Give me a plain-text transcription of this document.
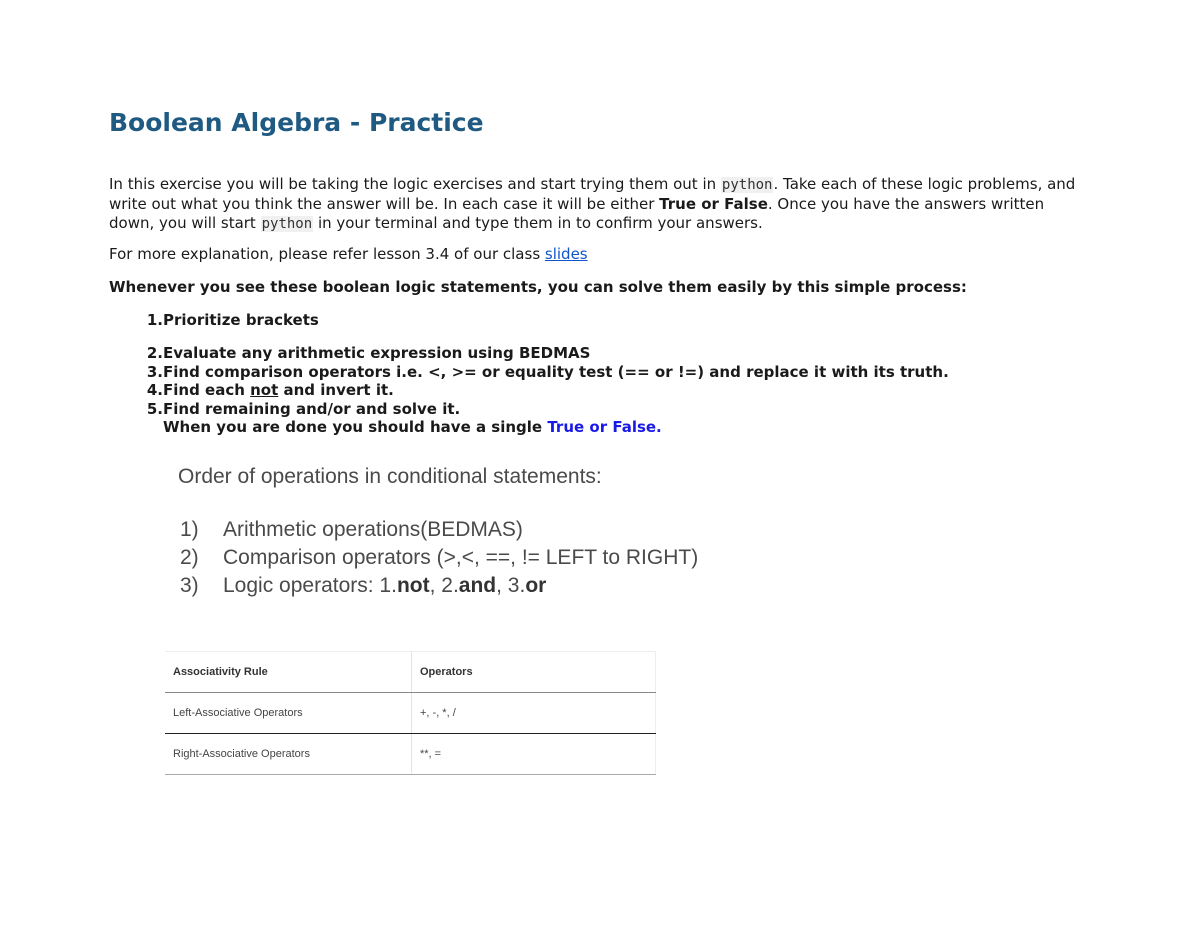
Boolean Algebra - Practice

In this exercise you will be taking the logic exercises and start trying them out in python. Take each of these logic problems, and write out what you think the answer will be. In each case it will be either True or False. Once you have the answers written down, you will start python in your terminal and type them in to confirm your answers.

For more explanation, please refer lesson 3.4 of our class slides

Whenever you see these boolean logic statements, you can solve them easily by this simple process:

1. Prioritize brackets
2. Evaluate any arithmetic expression using BEDMAS
3. Find comparison operators i.e. <, >= or equality test (== or !=) and replace it with its truth.
4. Find each not and invert it.
5. Find remaining and/or and solve it.
When you are done you should have a single True or False.
Order of operations in conditional statements:
1) Arithmetic operations(BEDMAS)
2) Comparison operators (>,<, ==, != LEFT to RIGHT)
3) Logic operators: 1.not, 2.and, 3.or
Associativity Rule	Operators
Left-Associative Operators	+, -, *, /
Right-Associative Operators	**, =
